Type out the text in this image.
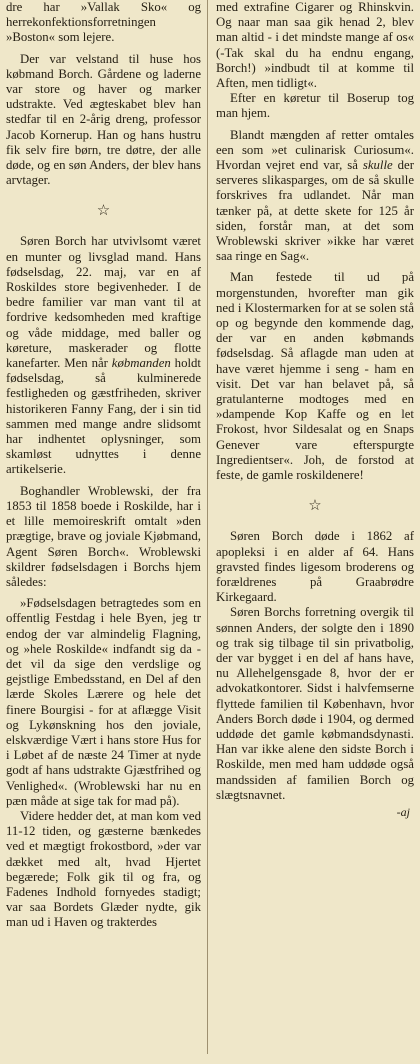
dre har »Vallak Sko« og herrekonfektionsforretningen »Boston« som lejere.

Der var velstand til huse hos købmand Borch. Gårdene og laderne var store og haver og marker udstrakte. Ved ægteskabet blev han stedfar til en 2-årig dreng, professor Jacob Kornerup. Han og hans hustru fik selv fire børn, tre døtre, der alle døde, og en søn Anders, der blev hans arvtager.

☆

Søren Borch har utvivlsomt været en munter og livsglad mand. Hans fødselsdag, 22. maj, var en af Roskildes store begivenheder. I de bedre familier var man vant til at fordrive kedsomheden med kraftige og våde middage, med baller og køreture, maskerader og flotte kanefarter. Men når købmanden holdt fødselsdag, så kulminerede festligheden og gæstfriheden, skriver historikeren Fanny Fang, der i sin tid sammen med mange andre slidsomt har indhentet oplysninger, som skamløst udnyttes i denne artikelserie.

Boghandler Wroblewski, der fra 1853 til 1858 boede i Roskilde, har i et lille memoireskrift omtalt »den prægtige, brave og joviale Kjøbmand, Agent Søren Borch«. Wroblewski skildrer fødselsdagen i Borchs hjem således:

»Fødselsdagen betragtedes som en offentlig Festdag i hele Byen, jeg tr endog der var almindelig Flagning, og »hele Roskilde« indfandt sig da - det vil da sige den verdslige og gejstlige Embedsstand, en Del af den lærde Skoles Lærere og hele det finere Bourgisi - for at aflægge Visit og Lykønskning hos den joviale, elskværdige Vært i hans store Hus for i Løbet af de næste 24 Timer at nyde godt af hans udstrakte Gjæstfrihed og Venlighed«. (Wroblewski har nu en pæn måde at sige tak for mad på).

Videre hedder det, at man kom ved 11-12 tiden, og gæsterne bænkedes ved et mægtigt frokostbord, »der var dækket med alt, hvad Hjertet begærede; Folk gik til og fra, og Fadenes Indhold fornyedes stadigt; var saa Bordets Glæder nydte, gik man ud i Haven og trakterdes

med extrafine Cigarer og Rhinskvin. Og naar man saa gik henad 2, blev man altid - i det mindste mange af os« (-Tak skal du ha endnu engang, Borch!) »indbudt til at komme til Aften, men tidligt«.

Efter en køretur til Boserup tog man hjem.

Blandt mængden af retter omtales een som »et culinarisk Curiosum«. Hvordan vejret end var, så skulle der serveres slikasparges, om de så skulle forskrives fra udlandet. Når man tænker på, at dette skete for 125 år siden, forstår man, at det som Wroblewski skriver »ikke har været saa ringe en Sag«.

Man festede til ud på morgenstunden, hvorefter man gik ned i Klostermarken for at se solen stå op og begynde den kommende dag, der var en anden købmands fødselsdag. Så aflagde man uden at have været hjemme i seng - ham en visit. Det var han belavet på, så gratulanterne modtoges med en »dampende Kop Kaffe og en let Frokost, hvor Sildesalat og en Snaps Genever vare efterspurgte Ingredientser«. Joh, de forstod at feste, de gamle roskildenere!

☆

Søren Borch døde i 1862 af apopleksi i en alder af 64. Hans gravsted findes ligesom broderens og forældrenes på Graabrødre Kirkegaard.

Søren Borchs forretning overgik til sønnen Anders, der solgte den i 1890 og trak sig tilbage til sin privatbolig, der var bygget i en del af hans have, nu Allehelgensgade 8, hvor der er advokatkontorer. Sidst i halvfemserne flyttede familien til København, hvor Anders Borch døde i 1904, og dermed uddøde det gamle købmandsdynasti. Han var ikke alene den sidste Borch i Roskilde, men med ham uddøde også mandssiden af familien Borch og slægtsnavnet.

-aj
